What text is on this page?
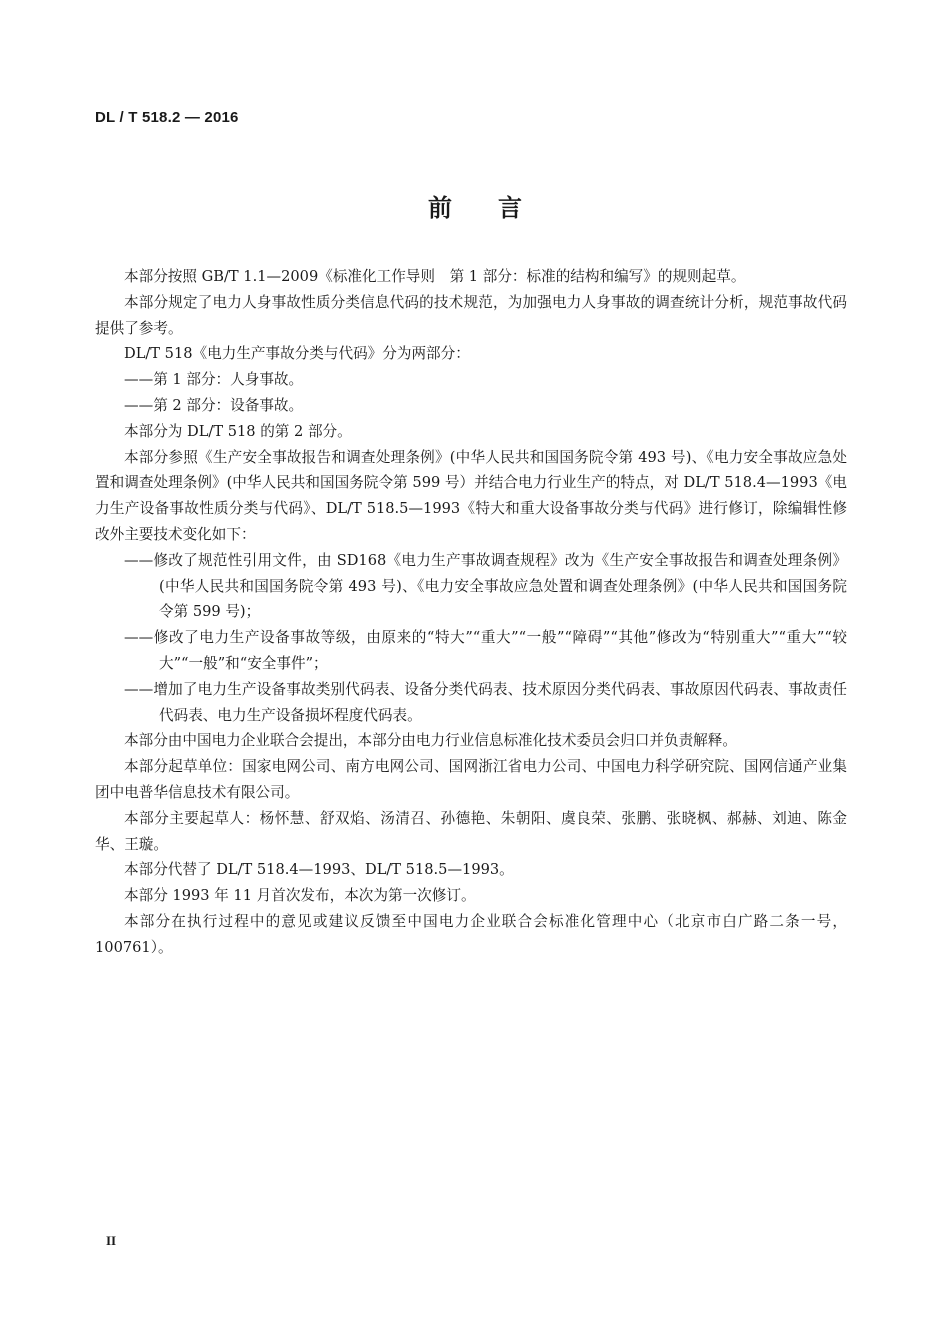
DL / T 518.2 — 2016
前言

本部分按照 GB/T 1.1—2009《标准化工作导则　第 1 部分：标准的结构和编写》的规则起草。

本部分规定了电力人身事故性质分类信息代码的技术规范，为加强电力人身事故的调查统计分析，规范事故代码提供了参考。

DL/T 518《电力生产事故分类与代码》分为两部分：

——第 1 部分：人身事故。

——第 2 部分：设备事故。

本部分为 DL/T 518 的第 2 部分。

本部分参照《生产安全事故报告和调查处理条例》(中华人民共和国国务院令第 493 号)、《电力安全事故应急处置和调查处理条例》(中华人民共和国国务院令第 599 号）并结合电力行业生产的特点，对 DL/T 518.4—1993《电力生产设备事故性质分类与代码》、DL/T 518.5—1993《特大和重大设备事故分类与代码》进行修订，除编辑性修改外主要技术变化如下：

——修改了规范性引用文件，由 SD168《电力生产事故调查规程》改为《生产安全事故报告和调查处理条例》(中华人民共和国国务院令第 493 号)、《电力安全事故应急处置和调查处理条例》(中华人民共和国国务院令第 599 号)；

——修改了电力生产设备事故等级，由原来的“特大”“重大”“一般”“障碍”“其他”修改为“特别重大”“重大”“较大”“一般”和“安全事件”；

——增加了电力生产设备事故类别代码表、设备分类代码表、技术原因分类代码表、事故原因代码表、事故责任代码表、电力生产设备损坏程度代码表。

本部分由中国电力企业联合会提出，本部分由电力行业信息标准化技术委员会归口并负责解释。

本部分起草单位：国家电网公司、南方电网公司、国网浙江省电力公司、中国电力科学研究院、国网信通产业集团中电普华信息技术有限公司。

本部分主要起草人：杨怀慧、舒双焰、汤清召、孙德艳、朱朝阳、虞良荣、张鹏、张晓枫、郝赫、刘迪、陈金华、王璇。

本部分代替了 DL/T 518.4—1993、DL/T 518.5—1993。

本部分 1993 年 11 月首次发布，本次为第一次修订。

本部分在执行过程中的意见或建议反馈至中国电力企业联合会标准化管理中心（北京市白广路二条一号，100761）。

II
